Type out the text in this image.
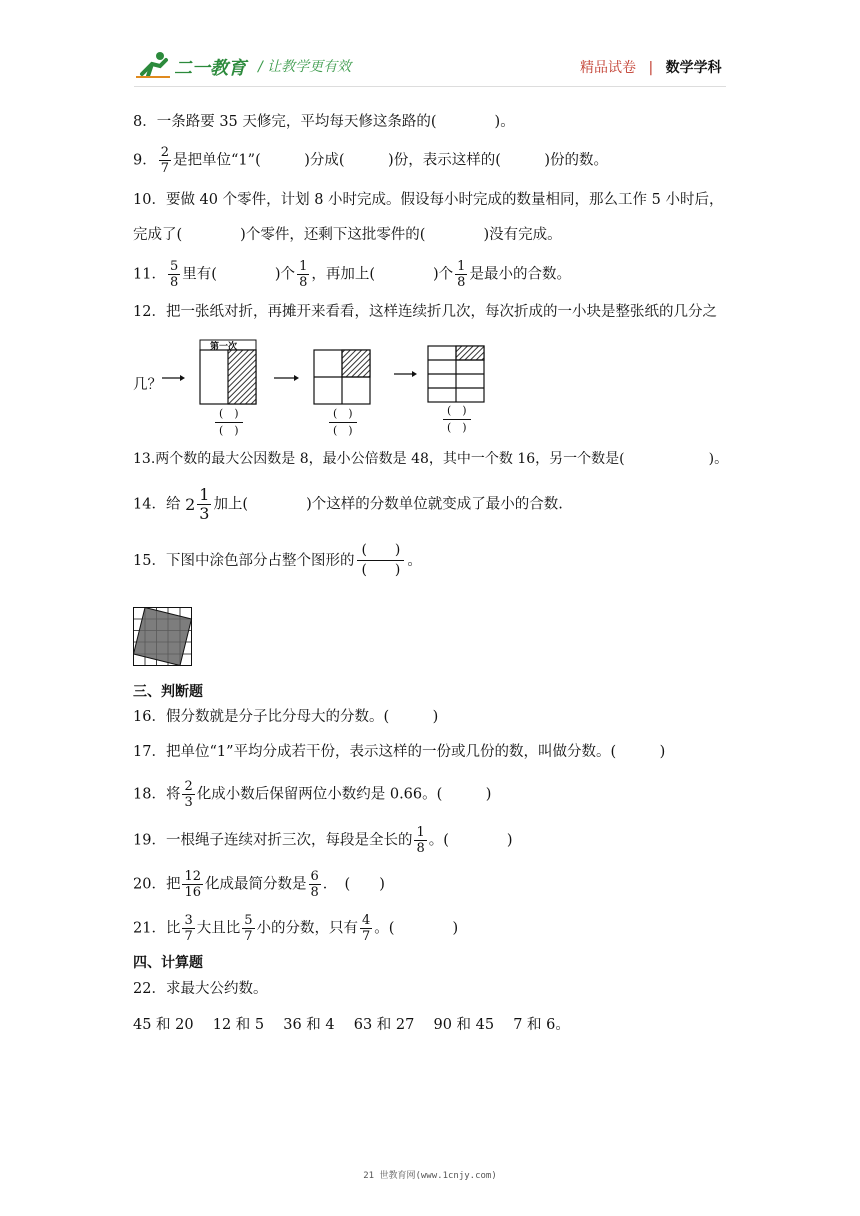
二一教育 / 让教学更有效	精品试卷 | 数学学科
8．一条路要 35 天修完，平均每天修这条路的(　　　　)。
9． $\frac{2}{7}$ 是把单位“1”(　　　)分成(　　　)份，表示这样的(　　　)份的数。
10．要做 40 个零件，计划 8 小时完成。假设每小时完成的数量相同，那么工作 5 小时后，
完成了(　　　　)个零件，还剩下这批零件的(　　　　)没有完成。
11． $\frac{5}{8}$ 里有(　　　　)个 $\frac{1}{8}$ ，再加上(　　　　)个 $\frac{1}{8}$ 是最小的合数。
12．把一张纸对折，再摊开来看看，这样连续折几次，每次折成的一小块是整张纸的几分之
几？
第一次
(　)
(　)
(　)
(　)
(　)
(　)
13.两个数的最大公因数是 8，最小公倍数是 48，其中一个数 16，另一个数是(　　　　　　)。
14．给 2 1
3 加上(　　　　)个这样的分数单位就变成了最小的合数.
15．下图中涂色部分占整个图形的
(　　)
(　　)
。
三、判断题
16．假分数就是分子比分母大的分数。(　　　)
17．把单位“1”平均分成若干份，表示这样的一份或几份的数，叫做分数。(　　　)
18．将 $\frac{2}{3}$ 化成小数后保留两位小数约是 0.66。(　　　)
19．一根绳子连续对折三次，每段是全长的 $\frac{1}{8}$ 。(　　　　)
20．把 $\frac{12}{16}$ 化成最简分数是 $\frac{6}{8}$ ．　(　　)
21．比 $\frac{3}{7}$ 大且比 $\frac{5}{7}$ 小的分数，只有 $\frac{4}{7}$ 。(　　　　)
四、计算题
22．求最大公约数。
45 和 20　 12 和 5　 36 和 4　 63 和 27　 90 和 45　 7 和 6。
21 世教育网(www.1cnjy.com)
